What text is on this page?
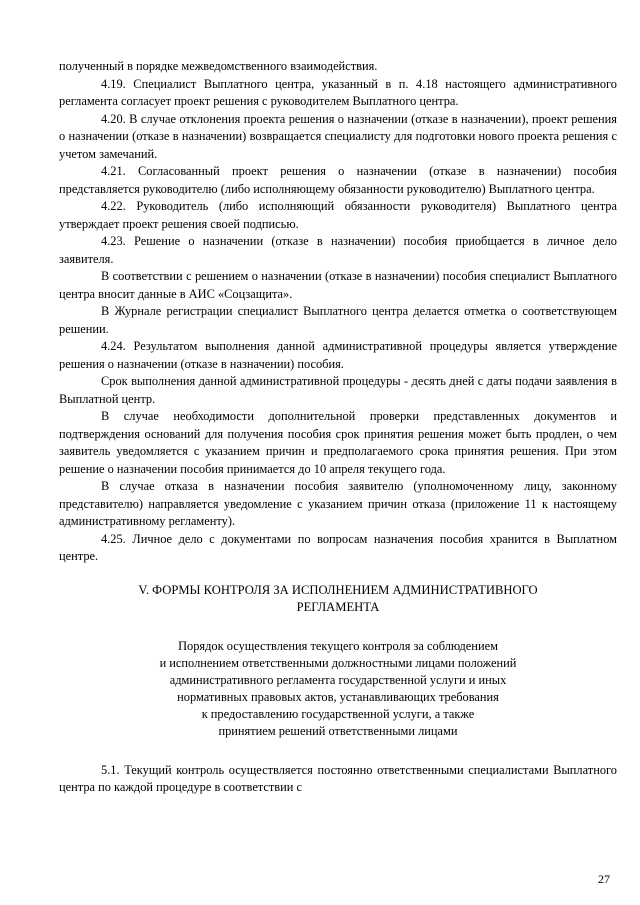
полученный в порядке межведомственного взаимодействия.

4.19. Специалист Выплатного центра, указанный в п. 4.18 настоящего административного регламента согласует проект решения с руководителем Выплатного центра.

4.20. В случае отклонения проекта решения о назначении (отказе в назначении), проект решения о назначении (отказе в назначении) возвращается специалисту для подготовки нового проекта решения с учетом замечаний.

4.21. Согласованный проект решения о назначении (отказе в назначении) пособия представляется руководителю (либо исполняющему обязанности руководителю) Выплатного центра.

4.22. Руководитель (либо исполняющий обязанности руководителя) Выплатного центра утверждает проект решения своей подписью.

4.23. Решение о назначении (отказе в назначении) пособия приобщается в личное дело заявителя.

В соответствии с решением о назначении (отказе в назначении) пособия специалист Выплатного центра вносит данные в АИС «Соцзащита».

В Журнале регистрации специалист Выплатного центра делается отметка о соответствующем решении.

4.24. Результатом выполнения данной административной процедуры является утверждение решения о назначении (отказе в назначении) пособия.

Срок выполнения данной административной процедуры - десять дней с даты подачи заявления в Выплатной центр.

В случае необходимости дополнительной проверки представленных документов и подтверждения оснований для получения пособия срок принятия решения может быть продлен, о чем заявитель уведомляется с указанием причин и предполагаемого срока принятия решения. При этом решение о назначении пособия принимается до 10 апреля текущего года.

В случае отказа в назначении пособия заявителю (уполномоченному лицу, законному представителю) направляется уведомление с указанием причин отказа (приложение 11 к настоящему административному регламенту).

4.25. Личное дело с документами по вопросам назначения пособия хранится в Выплатном центре.

V. ФОРМЫ КОНТРОЛЯ ЗА ИСПОЛНЕНИЕМ АДМИНИСТРАТИВНОГО
РЕГЛАМЕНТА
Порядок осуществления текущего контроля за соблюдением
и исполнением ответственными должностными лицами положений
административного регламента государственной услуги и иных
нормативных правовых актов, устанавливающих требования
к предоставлению государственной услуги, а также
принятием решений ответственными лицами

5.1. Текущий контроль осуществляется постоянно ответственными специалистами Выплатного центра по каждой процедуре в соответствии с

27
